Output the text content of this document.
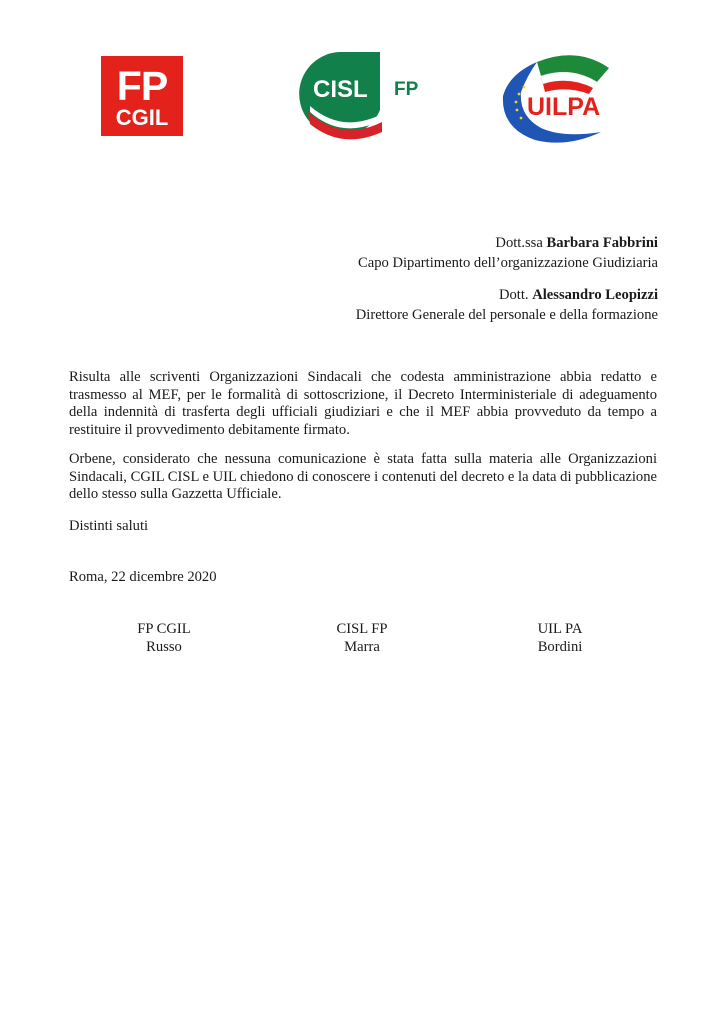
FP
CGIL
CISL FP
UILPA
Dott.ssa Barbara Fabbrini
Capo Dipartimento dell’organizzazione Giudiziaria
Dott. Alessandro Leopizzi
Direttore Generale del personale e della formazione

Risulta alle scriventi Organizzazioni Sindacali che codesta amministrazione abbia redatto e trasmesso al MEF, per le formalità di sottoscrizione, il Decreto Interministeriale di adeguamento della indennità di trasferta degli ufficiali giudiziari e che il MEF abbia provveduto da tempo a restituire il provvedimento debitamente firmato.

Orbene, considerato che nessuna comunicazione è stata fatta sulla materia alle Organizzazioni Sindacali, CGIL CISL e UIL chiedono di conoscere i contenuti del decreto e la data di pubblicazione dello stesso sulla Gazzetta Ufficiale.

Distinti saluti
Roma, 22 dicembre 2020
FP CGIL
Russo
CISL FP
Marra
UIL PA
Bordini
